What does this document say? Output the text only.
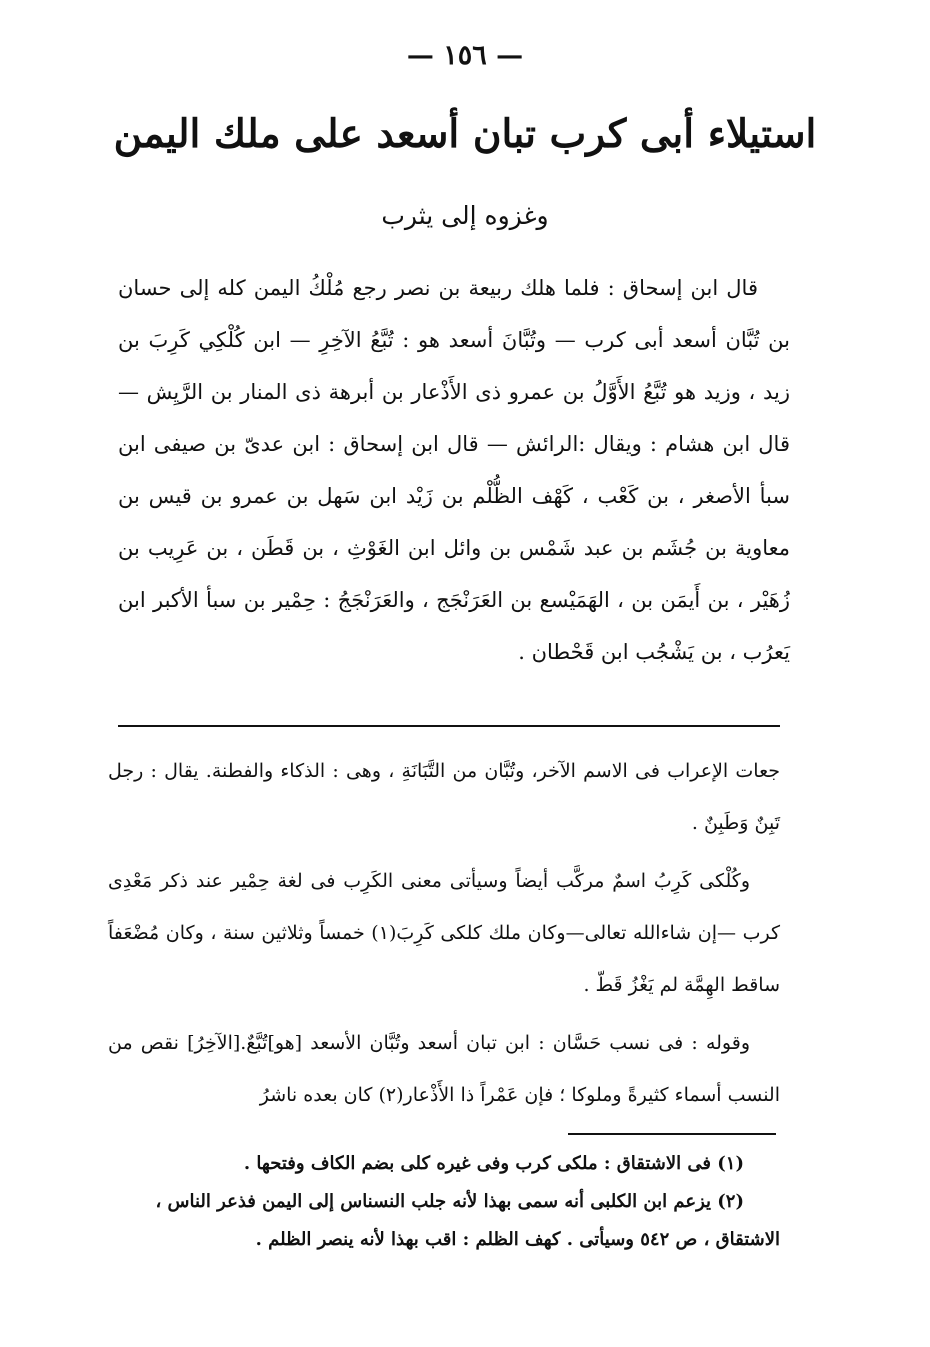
— ١٥٦ —
استيلاء أبى كرب تبان أسعد على ملك اليمن
وغزوه إلى يثرب

قال ابن إسحاق : فلما هلك ربيعة بن نصر رجع مُلْكُ اليمن كله إلى حسان بن تُبَّان أسعد أبى كرب — وتُبَّانَ أسعد هو : تُبَّعُ الآخِرِ — ابن كُلْكِي كَرِبَ بن زيد ، وزيد هو تُبَّعُ الأَوَّلُ بن عمرو ذى الأَذْعار بن أبرهة ذى المنار بن الرَّيِش — قال ابن هشام : ويقال :الرائش — قال ابن إسحاق : ابن عدىّ بن صيفى ابن سبأ الأصغر ، بن كَعْب ، كَهْف الظُّلْم بن زَيْد ابن سَهل بن عمرو بن قيس بن معاوية بن جُشَم بن عبد شَمْس بن وائل ابن الغَوْثِ ، بن قَطَن ، بن عَرِيب بن زُهَيْر ، بن أَيمَن بن ، الهَمَيْسع بن العَرَنْجَج ، والعَرَنْجَجُ : حِمْير بن سبأ الأكبر ابن يَعرُب ، بن يَشْجُب ابن قَحْطان .

جعات الإعراب فى الاسم الآخر، وتُبَّان من التَّبَانَةِ ، وهى : الذكاء والفطنة. يقال : رجل تَبِنٌ وَطَبِنٌ .

وكُلْكى كَرِبُ اسمٌ مركَّب أيضاً وسيأتى معنى الكَرِب فى لغة حِمْير عند ذكر مَعْدِى كرب —إن شاءالله تعالى—وكان ملك كلكى كَرِبَ(١) خمساً وثلاثين سنة ، وكان مُضْعَفاً ساقط الهِمَّة لم يَغْزُ قَطّ .

وقوله : فى نسب حَسَّان : ابن تبان أسعد وتُبَّان الأسعد [هو]تُبَّعٌ.[الآخِرُ] نقص من النسب أسماء كثيرةً وملوكا ؛ فإن عَمْراً ذا الأَذْعار(٢) كان بعده ناشرُ

(١) فى الاشتقاق : ملكى كرب وفى غيره كلى بضم الكاف وفتحها .

(٢) يزعم ابن الكلبى أنه سمى بهذا لأنه جلب النسناس إلى اليمن فذعر الناس ، الاشتقاق ، ص ٥٤٢ وسيأتى . كهف الظلم : اقب بهذا لأنه ينصر الظلم .
